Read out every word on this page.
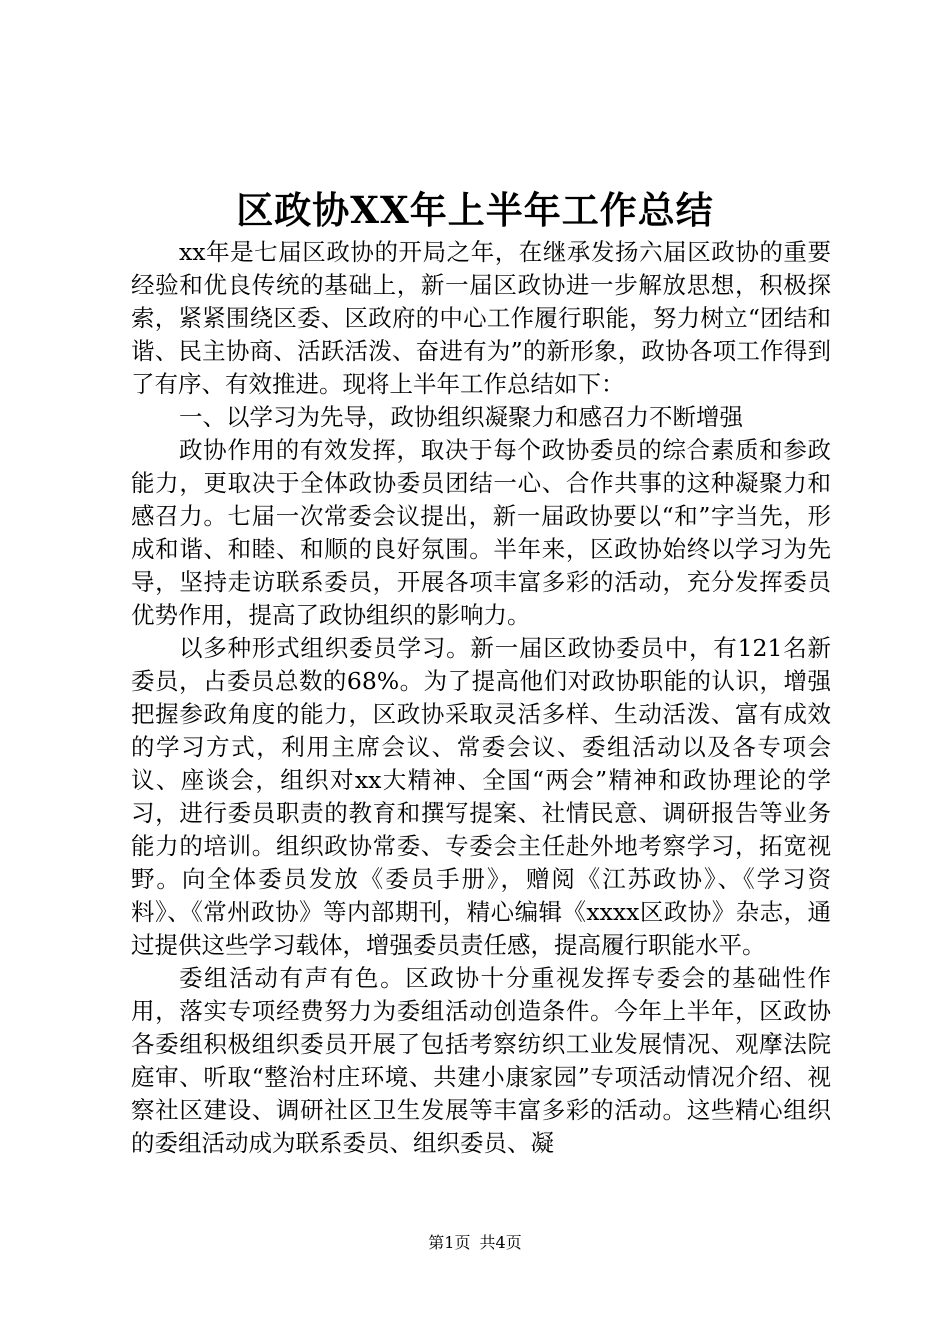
区政协XX年上半年工作总结

xx年是七届区政协的开局之年，在继承发扬六届区政协的重要经验和优良传统的基础上，新一届区政协进一步解放思想，积极探索，紧紧围绕区委、区政府的中心工作履行职能，努力树立“团结和谐、民主协商、活跃活泼、奋进有为”的新形象，政协各项工作得到了有序、有效推进。现将上半年工作总结如下：

一、以学习为先导，政协组织凝聚力和感召力不断增强

政协作用的有效发挥，取决于每个政协委员的综合素质和参政能力，更取决于全体政协委员团结一心、合作共事的这种凝聚力和感召力。七届一次常委会议提出，新一届政协要以“和”字当先，形成和谐、和睦、和顺的良好氛围。半年来，区政协始终以学习为先导，坚持走访联系委员，开展各项丰富多彩的活动，充分发挥委员优势作用，提高了政协组织的影响力。

以多种形式组织委员学习。新一届区政协委员中，有121名新委员，占委员总数的68%。为了提高他们对政协职能的认识，增强把握参政角度的能力，区政协采取灵活多样、生动活泼、富有成效的学习方式，利用主席会议、常委会议、委组活动以及各专项会议、座谈会，组织对xx大精神、全国“两会”精神和政协理论的学习，进行委员职责的教育和撰写提案、社情民意、调研报告等业务能力的培训。组织政协常委、专委会主任赴外地考察学习，拓宽视野。向全体委员发放《委员手册》，赠阅《江苏政协》、《学习资料》、《常州政协》等内部期刊，精心编辑《xxxx区政协》杂志，通过提供这些学习载体，增强委员责任感，提高履行职能水平。

委组活动有声有色。区政协十分重视发挥专委会的基础性作用，落实专项经费努力为委组活动创造条件。今年上半年，区政协各委组积极组织委员开展了包括考察纺织工业发展情况、观摩法院庭审、听取“整治村庄环境、共建小康家园”专项活动情况介绍、视察社区建设、调研社区卫生发展等丰富多彩的活动。这些精心组织的委组活动成为联系委员、组织委员、凝

第1页 共4页
